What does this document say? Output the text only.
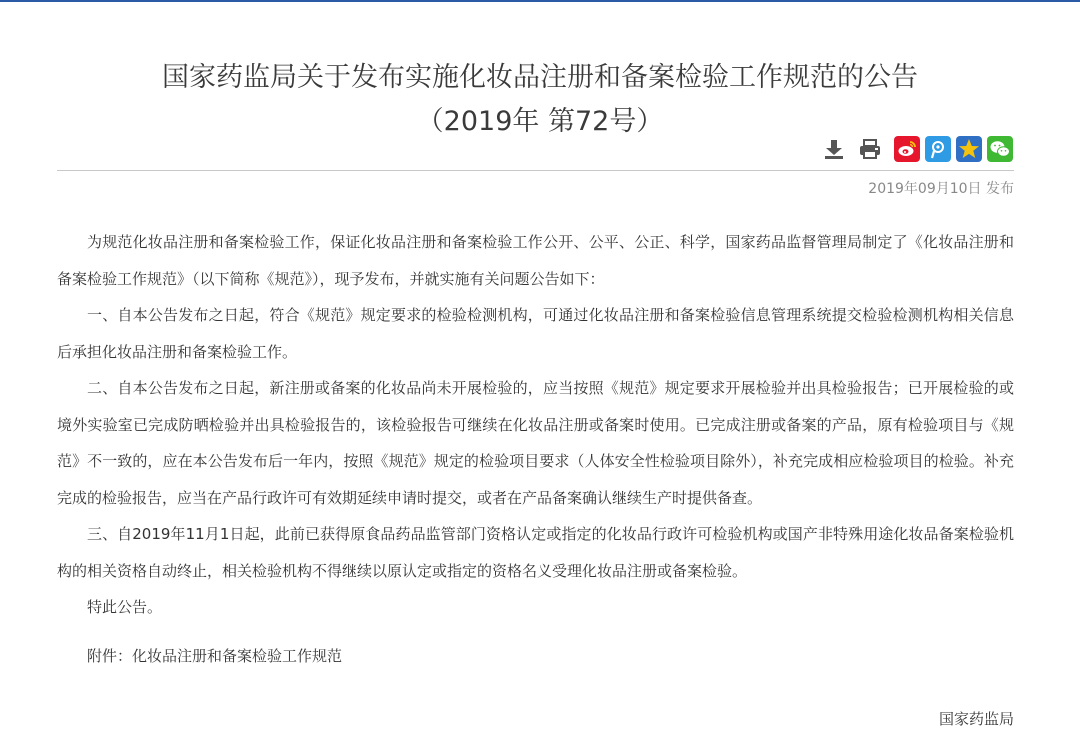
国家药监局关于发布实施化妆品注册和备案检验工作规范的公告
（2019年 第72号）
2019年09月10日 发布

为规范化妆品注册和备案检验工作，保证化妆品注册和备案检验工作公开、公平、公正、科学，国家药品监督管理局制定了《化妆品注册和备案检验工作规范》（以下简称《规范》），现予发布，并就实施有关问题公告如下：

一、自本公告发布之日起，符合《规范》规定要求的检验检测机构，可通过化妆品注册和备案检验信息管理系统提交检验检测机构相关信息后承担化妆品注册和备案检验工作。

二、自本公告发布之日起，新注册或备案的化妆品尚未开展检验的，应当按照《规范》规定要求开展检验并出具检验报告；已开展检验的或境外实验室已完成防晒检验并出具检验报告的，该检验报告可继续在化妆品注册或备案时使用。已完成注册或备案的产品，原有检验项目与《规范》不一致的，应在本公告发布后一年内，按照《规范》规定的检验项目要求（人体安全性检验项目除外），补充完成相应检验项目的检验。补充完成的检验报告，应当在产品行政许可有效期延续申请时提交，或者在产品备案确认继续生产时提供备查。

三、自2019年11月1日起，此前已获得原食品药品监管部门资格认定或指定的化妆品行政许可检验机构或国产非特殊用途化妆品备案检验机构的相关资格自动终止，相关检验机构不得继续以原认定或指定的资格名义受理化妆品注册或备案检验。

特此公告。

附件：化妆品注册和备案检验工作规范

国家药监局
